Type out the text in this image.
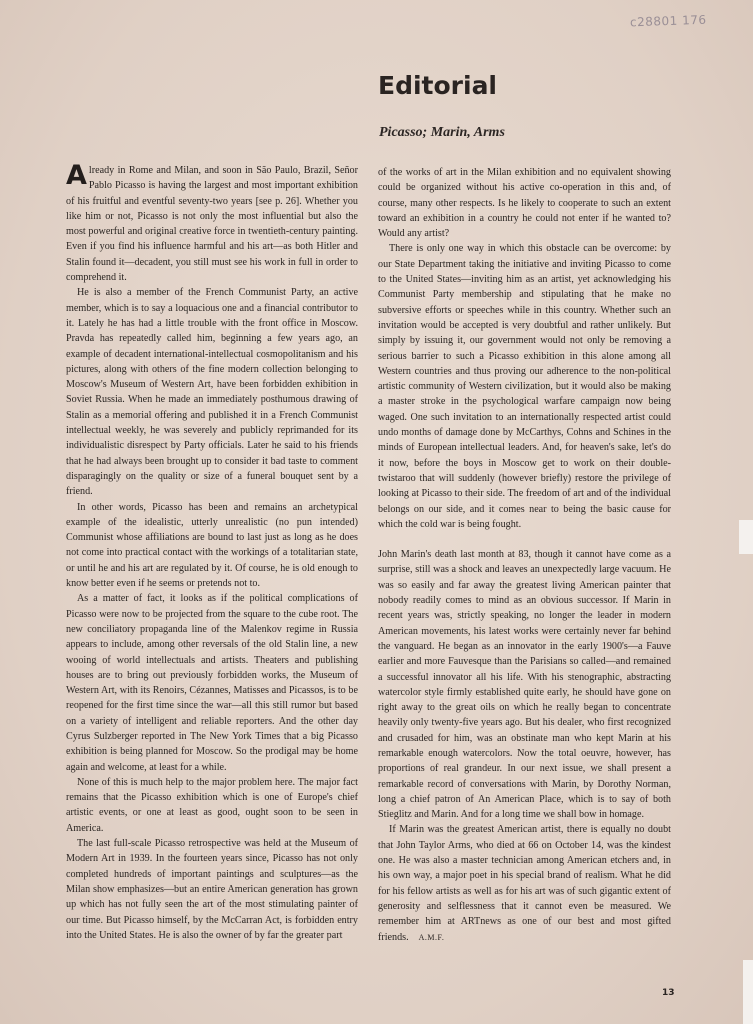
c28801 176
Editorial
Picasso; Marin, Arms

Already in Rome and Milan, and soon in São Paulo, Brazil, Señor Pablo Picasso is having the largest and most important exhibition of his fruitful and eventful seventy-two years [see p. 26]. Whether you like him or not, Picasso is not only the most influential but also the most powerful and original creative force in twentieth-century painting. Even if you find his influence harmful and his art—as both Hitler and Stalin found it—decadent, you still must see his work in full in order to comprehend it.

He is also a member of the French Communist Party, an active member, which is to say a loquacious one and a financial contributor to it. Lately he has had a little trouble with the front office in Moscow. Pravda has repeatedly called him, beginning a few years ago, an example of decadent international-intellectual cosmopolitanism and his pictures, along with others of the fine modern collection belonging to Moscow's Museum of Western Art, have been forbidden exhibition in Soviet Russia. When he made an immediately posthumous drawing of Stalin as a memorial offering and published it in a French Communist intellectual weekly, he was severely and publicly reprimanded for its individualistic disrespect by Party officials. Later he said to his friends that he had always been brought up to consider it bad taste to comment disparagingly on the quality or size of a funeral bouquet sent by a friend.

In other words, Picasso has been and remains an archetypical example of the idealistic, utterly unrealistic (no pun intended) Communist whose affiliations are bound to last just as long as he does not come into practical contact with the workings of a totalitarian state, or until he and his art are regulated by it. Of course, he is old enough to know better even if he seems or pretends not to.

As a matter of fact, it looks as if the political complications of Picasso were now to be projected from the square to the cube root. The new conciliatory propaganda line of the Malenkov regime in Russia appears to include, among other reversals of the old Stalin line, a new wooing of world intellectuals and artists. Theaters and publishing houses are to bring out previously forbidden works, the Museum of Western Art, with its Renoirs, Cézannes, Matisses and Picassos, is to be reopened for the first time since the war—all this still rumor but based on a variety of intelligent and reliable reporters. And the other day Cyrus Sulzberger reported in The New York Times that a big Picasso exhibition is being planned for Moscow. So the prodigal may be home again and welcome, at least for a while.

None of this is much help to the major problem here. The major fact remains that the Picasso exhibition which is one of Europe's chief artistic events, or one at least as good, ought soon to be seen in America.

The last full-scale Picasso retrospective was held at the Museum of Modern Art in 1939. In the fourteen years since, Picasso has not only completed hundreds of important paintings and sculptures—as the Milan show emphasizes—but an entire American generation has grown up which has not fully seen the art of the most stimulating painter of our time. But Picasso himself, by the McCarran Act, is forbidden entry into the United States. He is also the owner of by far the greater part

of the works of art in the Milan exhibition and no equivalent showing could be organized without his active co-operation in this and, of course, many other respects. Is he likely to cooperate to such an extent toward an exhibition in a country he could not enter if he wanted to? Would any artist?

There is only one way in which this obstacle can be overcome: by our State Department taking the initiative and inviting Picasso to come to the United States—inviting him as an artist, yet acknowledging his Communist Party membership and stipulating that he make no subversive efforts or speeches while in this country. Whether such an invitation would be accepted is very doubtful and rather unlikely. But simply by issuing it, our government would not only be removing a serious barrier to such a Picasso exhibition in this alone among all Western countries and thus proving our adherence to the non-political artistic community of Western civilization, but it would also be making a master stroke in the psychological warfare campaign now being waged. One such invitation to an internationally respected artist could undo months of damage done by McCarthys, Cohns and Schines in the minds of European intellectual leaders. And, for heaven's sake, let's do it now, before the boys in Moscow get to work on their double-twistaroo that will suddenly (however briefly) restore the privilege of looking at Picasso to their side. The freedom of art and of the individual belongs on our side, and it comes near to being the basic cause for which the cold war is being fought.

John Marin's death last month at 83, though it cannot have come as a surprise, still was a shock and leaves an unexpectedly large vacuum. He was so easily and far away the greatest living American painter that nobody readily comes to mind as an obvious successor. If Marin in recent years was, strictly speaking, no longer the leader in modern American movements, his latest works were certainly never far behind the vanguard. He began as an innovator in the early 1900's—a Fauve earlier and more Fauvesque than the Parisians so called—and remained a successful innovator all his life. With his stenographic, abstracting watercolor style firmly established quite early, he should have gone on right away to the great oils on which he really began to concentrate heavily only twenty-five years ago. But his dealer, who first recognized and crusaded for him, was an obstinate man who kept Marin at his remarkable enough watercolors. Now the total oeuvre, however, has proportions of real grandeur. In our next issue, we shall present a remarkable record of conversations with Marin, by Dorothy Norman, long a chief patron of An American Place, which is to say of both Stieglitz and Marin. And for a long time we shall bow in homage.

If Marin was the greatest American artist, there is equally no doubt that John Taylor Arms, who died at 66 on October 14, was the kindest one. He was also a master technician among American etchers and, in his own way, a major poet in his special brand of realism. What he did for his fellow artists as well as for his art was of such gigantic extent of generosity and selflessness that it cannot even be measured. We remember him at ARTnews as one of our best and most gifted friends. A.M.F.

13
